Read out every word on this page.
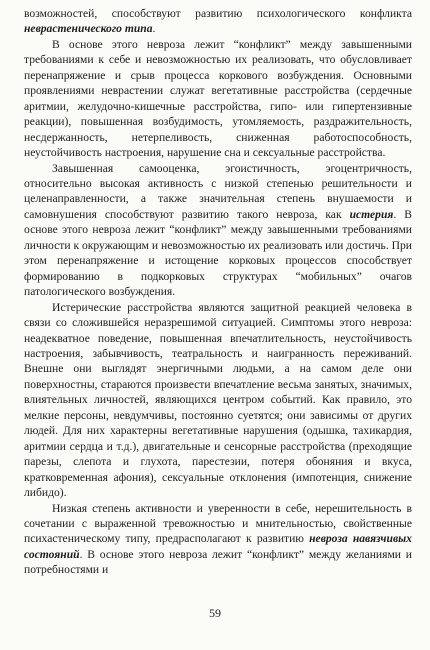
возможностей, способствуют развитию психологического конфликта неврастенического типа.

В основе этого невроза лежит “конфликт” между завышенными требованиями к себе и невозможностью их реализовать, что обусловливает перенапряжение и срыв процесса коркового возбуждения. Основными проявлениями неврастении служат вегетативные расстройства (сердечные аритмии, желудочно-кишечные расстройства, гипо- или гипертензивные реакции), повышенная возбудимость, утомляемость, раздражительность, несдержанность, нетерпеливость, сниженная работоспособность, неустойчивость настроения, нарушение сна и сексуальные расстройства.

Завышенная самооценка, эгоистичность, эгоцентричность, относительно высокая активность с низкой степенью решительности и целенаправленности, а также значительная степень внушаемости и самовнушения способствуют развитию такого невроза, как истерия. В основе этого невроза лежит “конфликт” между завышенными требованиями личности к окружающим и невозможностью их реализовать или достичь. При этом перенапряжение и истощение корковых процессов способствует формированию в подкорковых структурах “мобильных” очагов патологического возбуждения.

Истерические расстройства являются защитной реакцией человека в связи со сложившейся неразрешимой ситуацией. Симптомы этого невроза: неадекватное поведение, повышенная впечатлительность, неустойчивость настроения, забывчивость, театральность и наигранность переживаний. Внешне они выглядят энергичными людьми, а на самом деле они поверхностны, стараются произвести впечатление весьма занятых, значимых, влиятельных личностей, являющихся центром событий. Как правило, это мелкие персоны, невдумчивы, постоянно суетятся; они зависимы от других людей. Для них характерны вегетативные нарушения (одышка, тахикардия, аритмии сердца и т.д.), двигательные и сенсорные расстройства (преходящие парезы, слепота и глухота, парестезии, потеря обоняния и вкуса, кратковременная афония), сексуальные отклонения (импотенция, снижение либидо).

Низкая степень активности и уверенности в себе, нерешительность в сочетании с выраженной тревожностью и мнительностью, свойственные психастеническому типу, предрасполагают к развитию невроза навязчивых состояний. В основе этого невроза лежит “конфликт” между желаниями и потребностями и

59
